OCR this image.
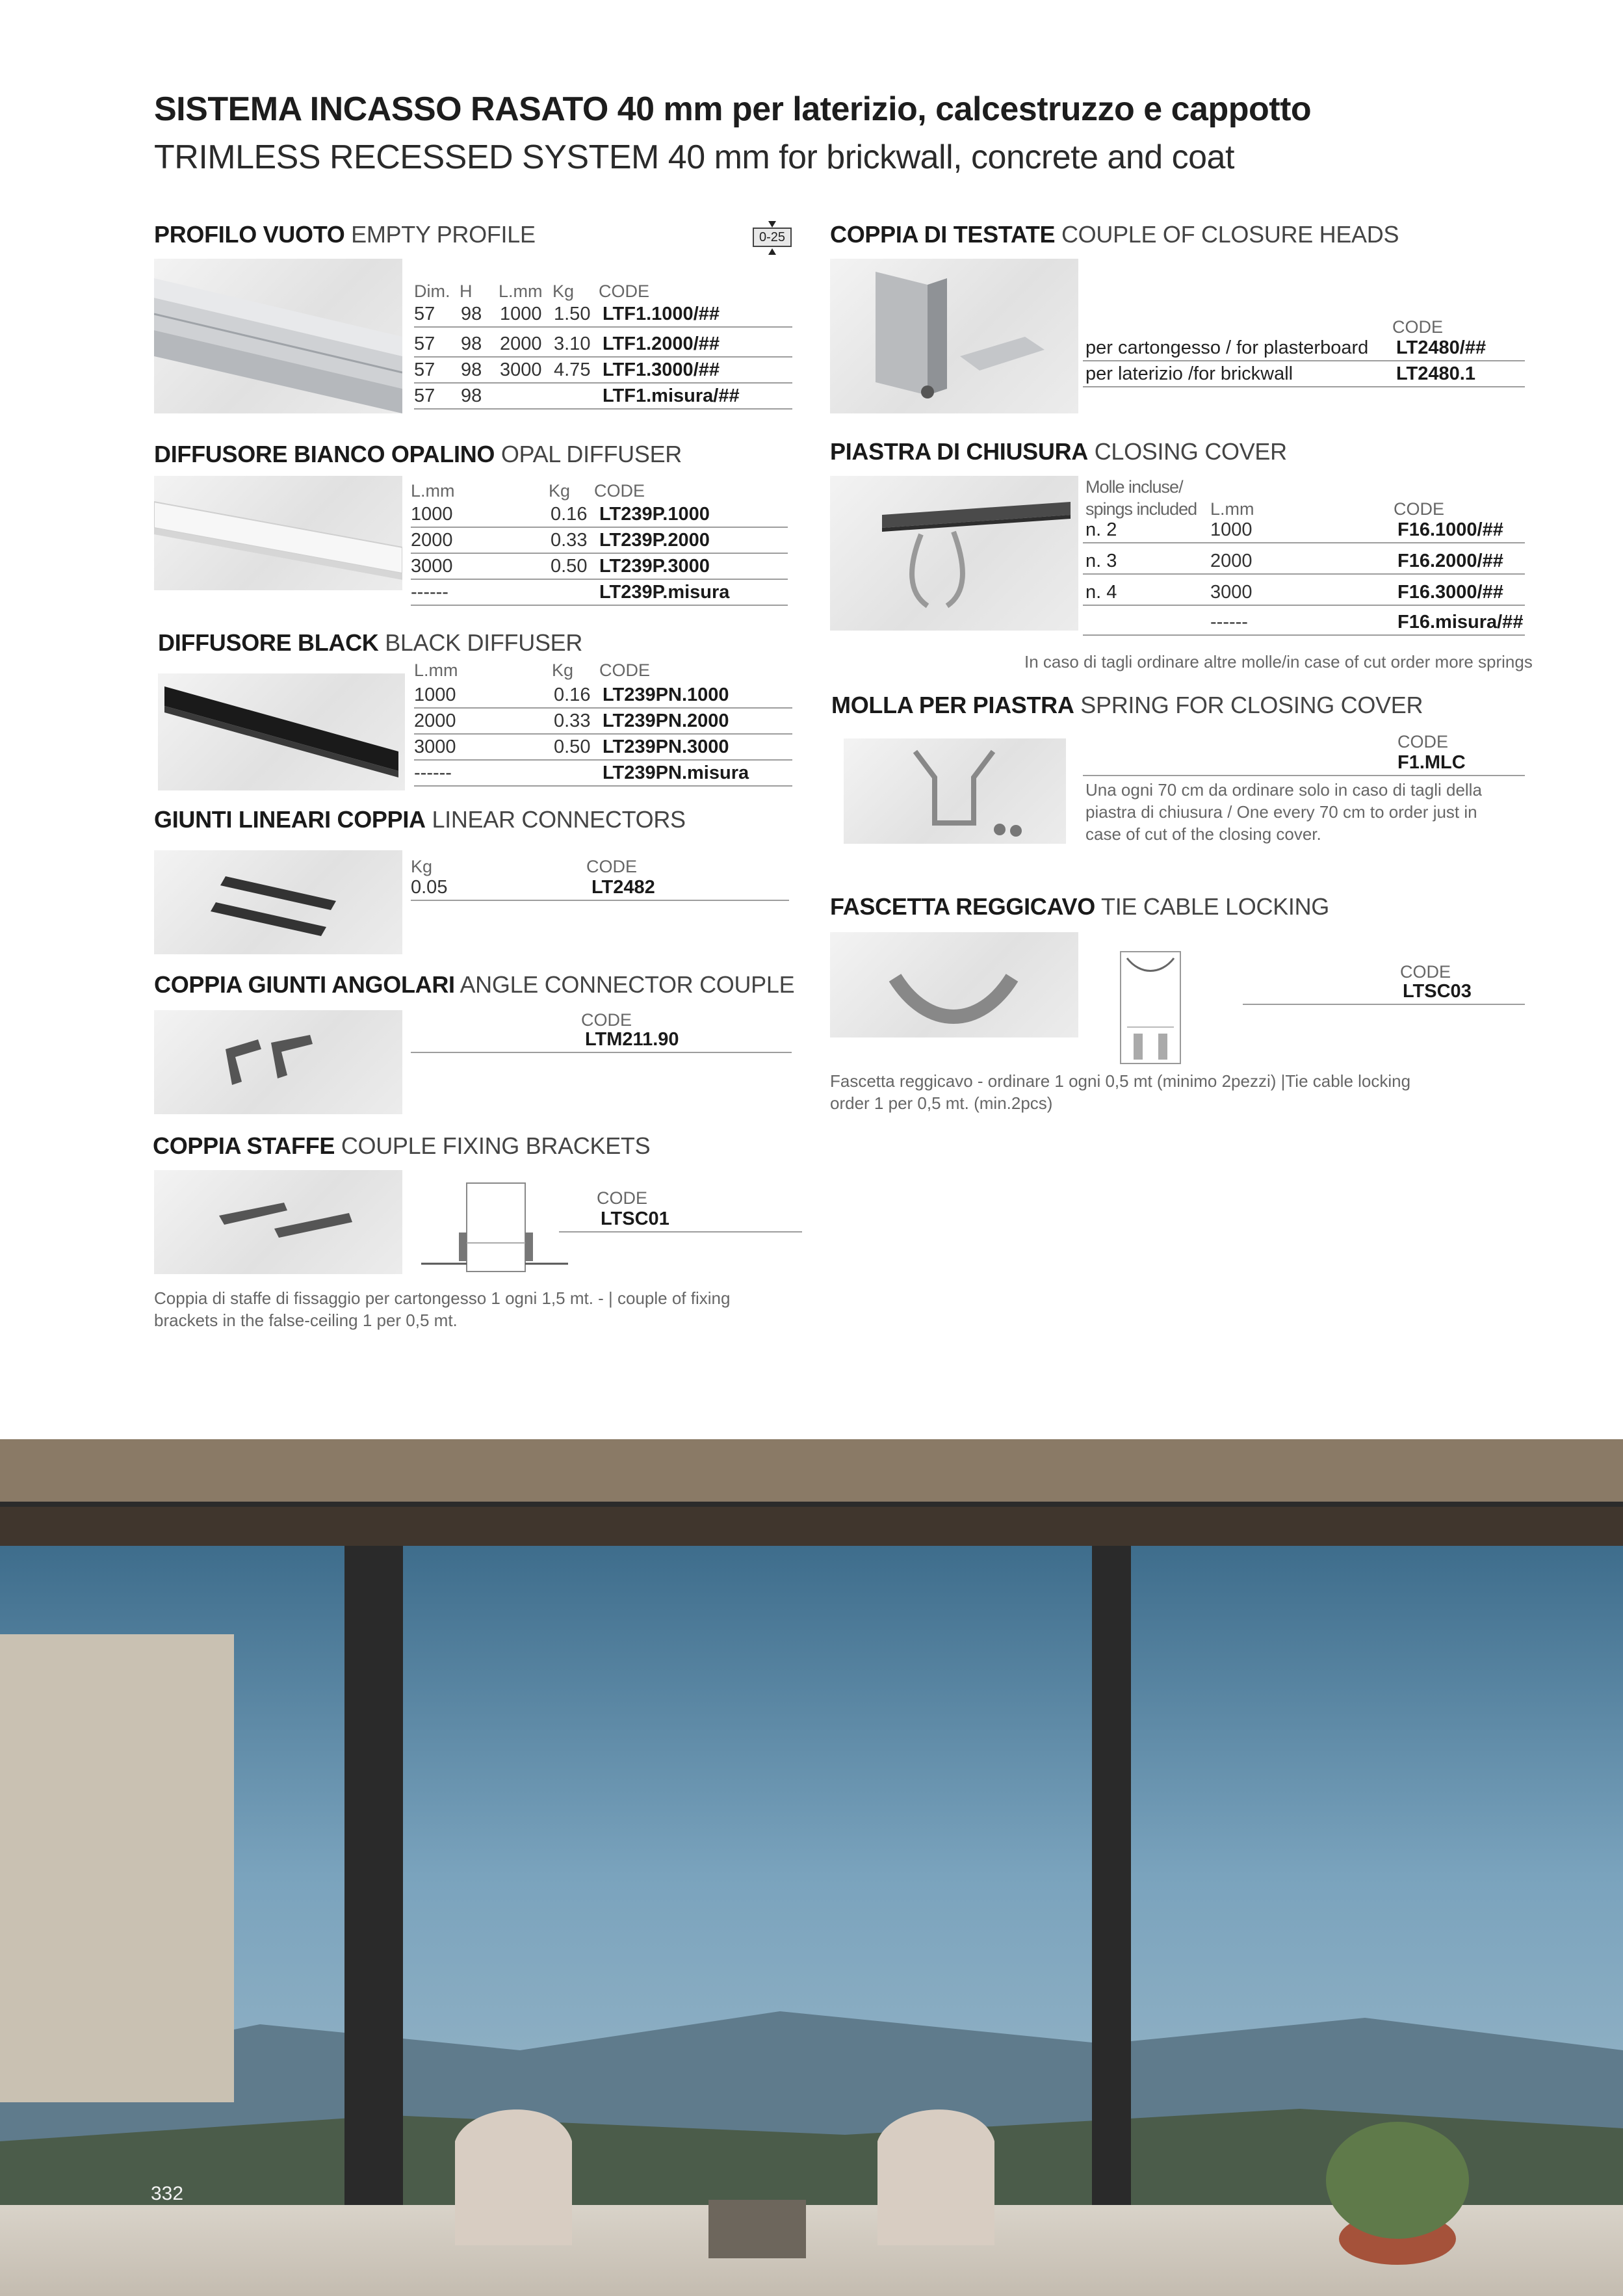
SISTEMA INCASSO RASATO 40 mm per laterizio, calcestruzzo e cappotto
TRIMLESS RECESSED SYSTEM 40 mm for brickwall, concrete and coat
PROFILO VUOTO EMPTY PROFILE	0-25
Dim. H L.mm Kg CODE
57 98 1000 1.50 LTF1.1000/##
57 98 2000 3.10 LTF1.2000/##
57 98 3000 4.75 LTF1.3000/##
57 98	LTF1.misura/##
DIFFUSORE BIANCO OPALINO OPAL DIFFUSER
L.mm	Kg CODE
1000	0.16 LT239P.1000
2000	0.33 LT239P.2000
3000	0.50 LT239P.3000
------	LT239P.misura
DIFFUSORE BLACK BLACK DIFFUSER
L.mm	Kg CODE
1000	0.16 LT239PN.1000
2000	0.33 LT239PN.2000
3000	0.50 LT239PN.3000
------	LT239PN.misura
GIUNTI LINEARI COPPIA LINEAR CONNECTORS
Kg	CODE
0.05	LT2482
COPPIA GIUNTI ANGOLARI ANGLE CONNECTOR COUPLE
CODE
LTM211.90
COPPIA STAFFE COUPLE FIXING BRACKETS
CODE
LTSC01
Coppia di staffe di fissaggio per cartongesso 1 ogni 1,5 mt. - | couple of fixing brackets in the false-ceiling 1 per 0,5 mt.
COPPIA DI TESTATE COUPLE OF CLOSURE HEADS
CODE
per cartongesso / for plasterboard LT2480/##
per laterizio /for brickwall	LT2480.1
PIASTRA DI CHIUSURA CLOSING COVER
Molle incluse/
spings included L.mm	CODE
n. 2	1000	F16.1000/##
n. 3	2000	F16.2000/##
n. 4	3000	F16.3000/##
------	F16.misura/##
In caso di tagli ordinare altre molle/in case of cut order more springs
MOLLA PER PIASTRA SPRING FOR CLOSING COVER
CODE
F1.MLC
Una ogni 70 cm da ordinare solo in caso di tagli della piastra di chiusura / One every 70 cm to order just in case of cut of the closing cover.
FASCETTA REGGICAVO TIE CABLE LOCKING
CODE
LTSC03
Fascetta reggicavo - ordinare 1 ogni 0,5 mt (minimo 2pezzi) |Tie cable locking order 1 per 0,5 mt. (min.2pcs)
332
